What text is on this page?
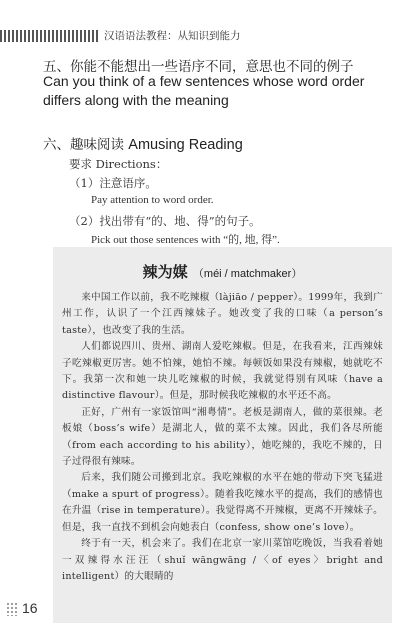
汉语语法教程：从知识到能力
五、你能不能想出一些语序不同，意思也不同的例子
Can you think of a few sentences whose word order differs along with the meaning
六、趣味阅读 Amusing Reading
要求 Directions：
（1）注意语序。
Pay attention to word order.
（2）找出带有“的、地、得”的句子。
Pick out those sentences with “的, 地, 得”.
辣为媒 （méi / matchmaker）

来中国工作以前，我不吃辣椒（làjiāo / pepper）。1999年，我到广州工作，认识了一个江西辣妹子。她改变了我的口味（a person’s taste），也改变了我的生活。

人们都说四川、贵州、湖南人爱吃辣椒。但是，在我看来，江西辣妹子吃辣椒更厉害。她不怕辣，她怕不辣。每顿饭如果没有辣椒，她就吃不下。我第一次和她一块儿吃辣椒的时候，我就觉得别有风味（have a distinctive flavour）。但是，那时候我吃辣椒的水平还不高。

正好，广州有一家饭馆叫“湘粤情”。老板是湖南人，做的菜很辣。老板娘（boss’s wife）是湖北人，做的菜不太辣。因此，我们各尽所能（from each according to his ability），她吃辣的，我吃不辣的，日子过得很有辣味。

后来，我们随公司搬到北京。我吃辣椒的水平在她的带动下突飞猛进（make a spurt of progress）。随着我吃辣水平的提高，我们的感情也在升温（rise in temperature）。我觉得离不开辣椒，更离不开辣妹子。但是，我一直找不到机会向她表白（confess, show one’s love）。

终于有一天，机会来了。我们在北京一家川菜馆吃晚饭，当我看着她一双辣得水汪汪（shuǐ wāngwāng /〈of eyes〉bright and intelligent）的大眼睛的

16
